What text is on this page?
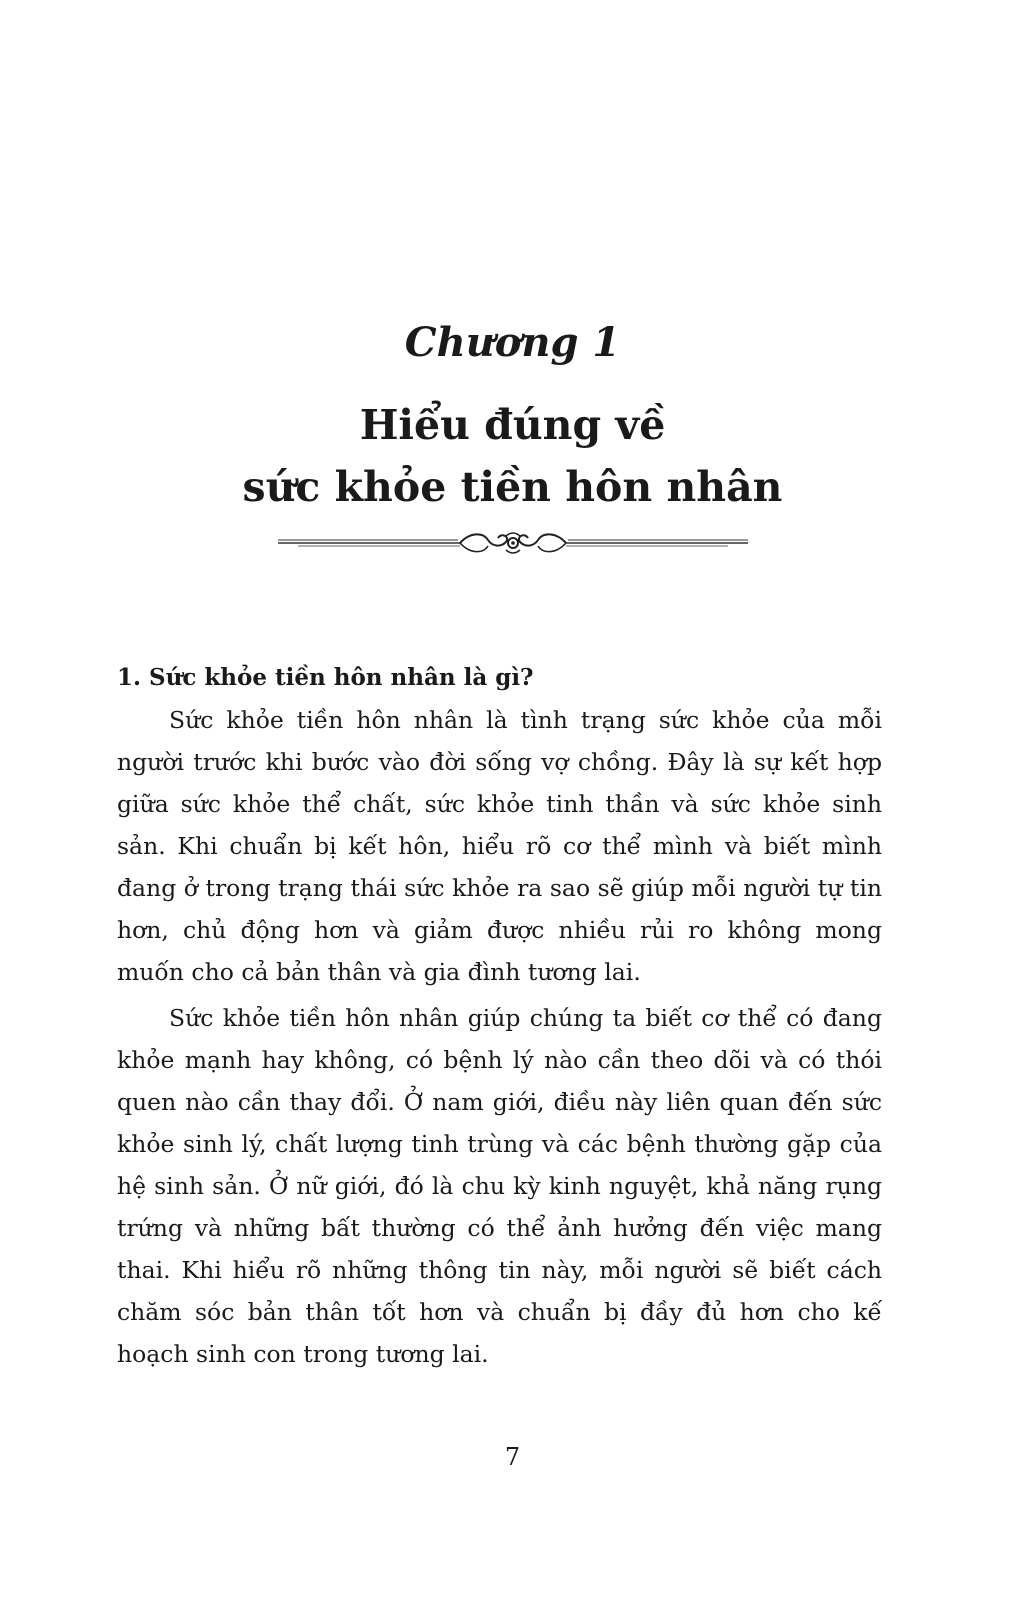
Chương 1
Hiểu đúng về
sức khỏe tiền hôn nhân
1. Sức khỏe tiền hôn nhân là gì?

Sức khỏe tiền hôn nhân là tình trạng sức khỏe của mỗi người trước khi bước vào đời sống vợ chồng. Đây là sự kết hợp giữa sức khỏe thể chất, sức khỏe tinh thần và sức khỏe sinh sản. Khi chuẩn bị kết hôn, hiểu rõ cơ thể mình và biết mình đang ở trong trạng thái sức khỏe ra sao sẽ giúp mỗi người tự tin hơn, chủ động hơn và giảm được nhiều rủi ro không mong muốn cho cả bản thân và gia đình tương lai.

Sức khỏe tiền hôn nhân giúp chúng ta biết cơ thể có đang khỏe mạnh hay không, có bệnh lý nào cần theo dõi và có thói quen nào cần thay đổi. Ở nam giới, điều này liên quan đến sức khỏe sinh lý, chất lượng tinh trùng và các bệnh thường gặp của hệ sinh sản. Ở nữ giới, đó là chu kỳ kinh nguyệt, khả năng rụng trứng và những bất thường có thể ảnh hưởng đến việc mang thai. Khi hiểu rõ những thông tin này, mỗi người sẽ biết cách chăm sóc bản thân tốt hơn và chuẩn bị đầy đủ hơn cho kế hoạch sinh con trong tương lai.

7
